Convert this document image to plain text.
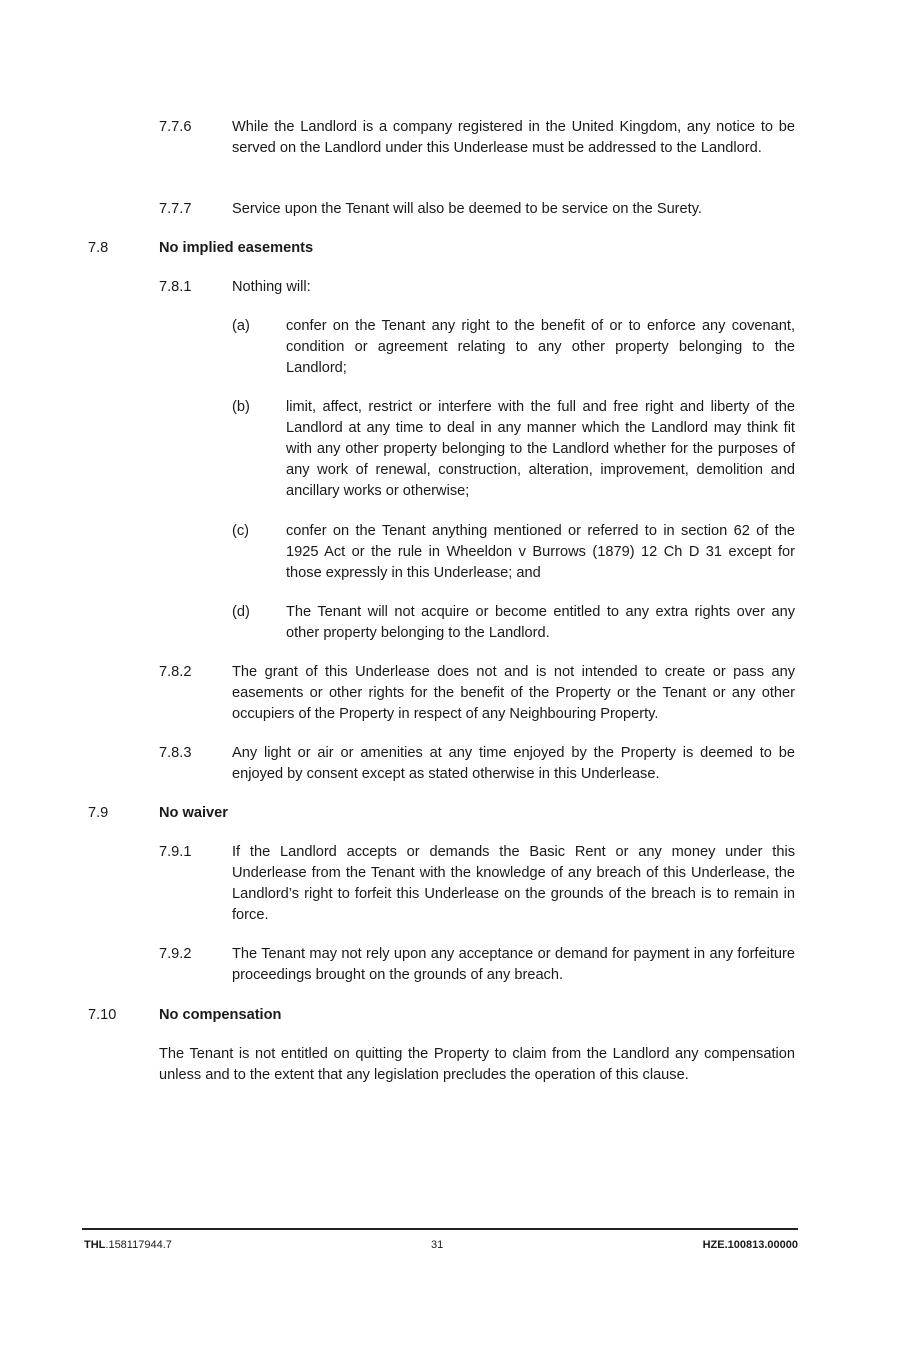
7.7.6	While the Landlord is a company registered in the United Kingdom, any notice to be served on the Landlord under this Underlease must be addressed to the Landlord.
7.7.7	Service upon the Tenant will also be deemed to be service on the Surety.
7.8	No implied easements
7.8.1	Nothing will:
(a) confer on the Tenant any right to the benefit of or to enforce any covenant, condition or agreement relating to any other property belonging to the Landlord;
(b) limit, affect, restrict or interfere with the full and free right and liberty of the Landlord at any time to deal in any manner which the Landlord may think fit with any other property belonging to the Landlord whether for the purposes of any work of renewal, construction, alteration, improvement, demolition and ancillary works or otherwise;
(c)	confer on the Tenant anything mentioned or referred to in section 62 of the 1925 Act or the rule in Wheeldon v Burrows (1879) 12 Ch D 31 except for those expressly in this Underlease; and
(d) The Tenant will not acquire or become entitled to any extra rights over any other property belonging to the Landlord.
7.8.2	The grant of this Underlease does not and is not intended to create or pass any easements or other rights for the benefit of the Property or the Tenant or any other occupiers of the Property in respect of any Neighbouring Property.
7.8.3	Any light or air or amenities at any time enjoyed by the Property is deemed to be enjoyed by consent except as stated otherwise in this Underlease.
7.9	No waiver
7.9.1	If the Landlord accepts or demands the Basic Rent or any money under this Underlease from the Tenant with the knowledge of any breach of this Underlease, the Landlord’s right to forfeit this Underlease on the grounds of the breach is to remain in force.
7.9.2	The Tenant may not rely upon any acceptance or demand for payment in any forfeiture proceedings brought on the grounds of any breach.
7.10	No compensation
The Tenant is not entitled on quitting the Property to claim from the Landlord any compensation unless and to the extent that any legislation precludes the operation of this clause.
THL.158117944.7	31	HZE.100813.00000
